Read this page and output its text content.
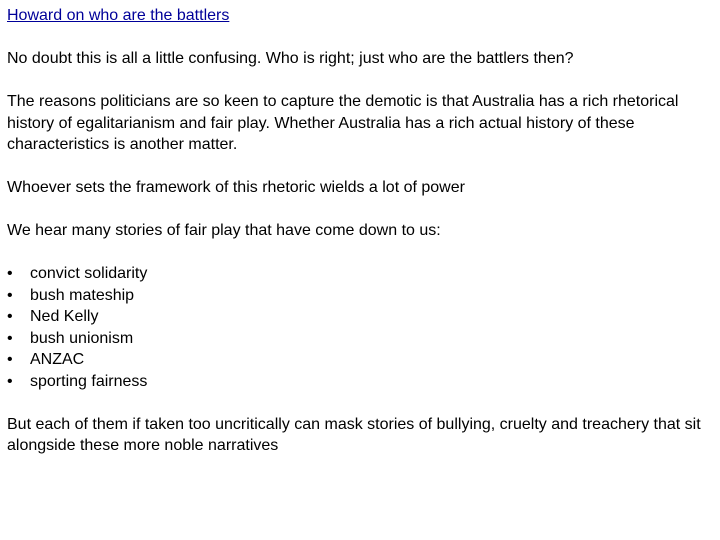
Howard on who are the battlers

No doubt this is all a little confusing. Who is right; just who are the battlers then?

The reasons politicians are so keen to capture the demotic is that Australia has a rich rhetorical history of egalitarianism and fair play. Whether Australia has a rich actual history of these characteristics is another matter.

Whoever sets the framework of this rhetoric wields a lot of power

We hear many stories of fair play that have come down to us:

• convict solidarity
• bush mateship
• Ned Kelly
• bush unionism
• ANZAC
• sporting fairness

But each of them if taken too uncritically can mask stories of bullying, cruelty and treachery that sit alongside these more noble narratives
